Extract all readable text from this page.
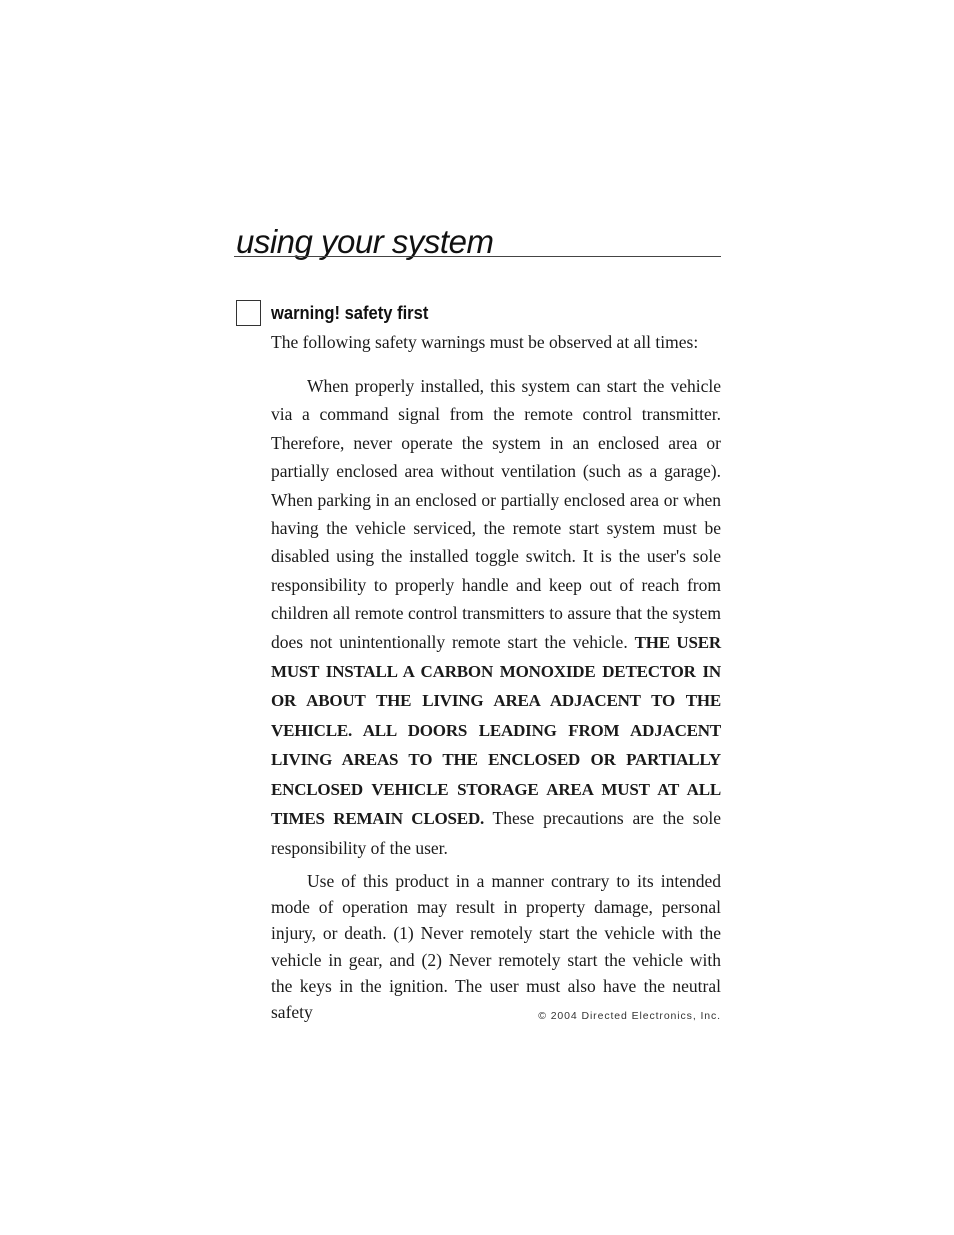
using your system
warning! safety first

The following safety warnings must be observed at all times:

When properly installed, this system can start the vehicle via a command signal from the remote control transmitter. Therefore, never operate the system in an enclosed area or partially enclosed area without ventilation (such as a garage). When parking in an enclosed or partially enclosed area or when having the vehicle serviced, the remote start system must be disabled using the installed toggle switch. It is the user's sole responsibility to properly handle and keep out of reach from children all remote control transmitters to assure that the system does not unintentionally remote start the vehicle. THE USER MUST INSTALL A CARBON MONOXIDE DETECTOR IN OR ABOUT THE LIVING AREA ADJACENT TO THE VEHICLE. ALL DOORS LEADING FROM ADJACENT LIVING AREAS TO THE ENCLOSED OR PARTIALLY ENCLOSED VEHICLE STORAGE AREA MUST AT ALL TIMES REMAIN CLOSED. These precautions are the sole responsibility of the user.

Use of this product in a manner contrary to its intended mode of operation may result in property damage, personal injury, or death. (1) Never remotely start the vehicle with the vehicle in gear, and (2) Never remotely start the vehicle with the keys in the ignition. The user must also have the neutral safety	© 2004 Directed Electronics, Inc.
